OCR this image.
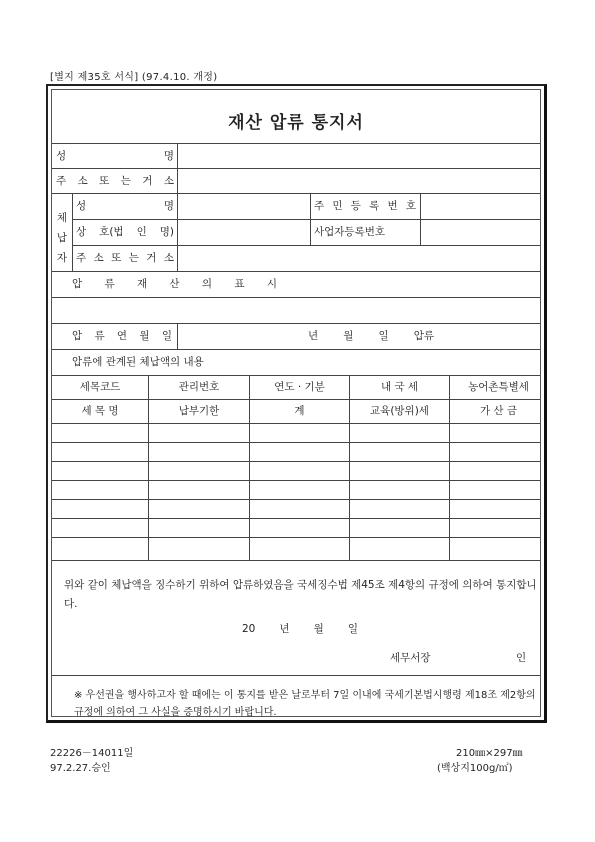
[별지 제35호 서식] (97.4.10. 개정)
재산 압류 통지서
성 명
주 소 또 는 거 소
체납자
성 명	주 민 등 록 번 호
상 호(법 인 명)	사업자등록번호
주 소 또 는 거 소
압 류 재 산 의 표 시
압 류 연 월 일	년 월 일 압류
압류에 관계된 체납액의 내용
세목코드	관리번호	연도 · 기분	내 국 세	농어촌특별세
세 목 명	납부기한	계	교육(방위)세	가 산 금
위와 같이 체납액을 징수하기 위하여 압류하였음을 국세징수법 제45조 제4항의 규정에 의하여 통지합니다.
20 년 월 일
세무서장	인
※ 우선권을 행사하고자 할 때에는 이 통지를 받은 날로부터 7일 이내에 국세기본법시행령 제18조 제2항의 규정에 의하여 그 사실을 증명하시기 바랍니다.
22226－14011일
97.2.27.승인
210㎜×297㎜
(백상지100g/㎡)
